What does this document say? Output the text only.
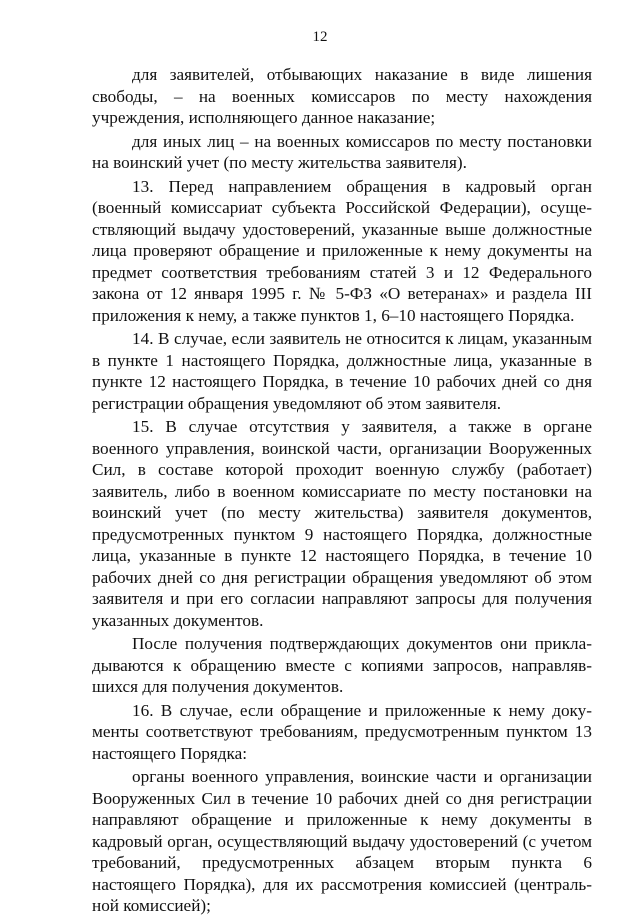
12

для заявителей, отбывающих наказание в виде лишения свободы, – на военных комиссаров по месту нахождения учреждения, исполняющего данное наказание;

для иных лиц – на военных комиссаров по месту постановки на воинский учет (по месту жительства заявителя).

13. Перед направлением обращения в кадровый орган (военный комиссариат субъекта Российской Федерации), осуществляющий выдачу удостоверений, указанные выше должностные лица проверяют обращение и приложенные к нему документы на предмет соответствия требованиям статей 3 и 12 Федерального закона от 12 января 1995 г. № 5-ФЗ «О ветеранах» и раздела III приложения к нему, а также пунктов 1, 6–10 настоящего Порядка.

14. В случае, если заявитель не относится к лицам, указанным в пункте 1 настоящего Порядка, должностные лица, указанные в пункте 12 настоящего Порядка, в течение 10 рабочих дней со дня регистрации обращения уведомляют об этом заявителя.

15. В случае отсутствия у заявителя, а также в органе военного управления, воинской части, организации Вооруженных Сил, в составе которой проходит военную службу (работает) заявитель, либо в военном комиссариате по месту постановки на воинский учет (по месту жительства) заявителя документов, предусмотренных пунктом 9 настоящего Порядка, должностные лица, указанные в пункте 12 настоящего Порядка, в течение 10 рабочих дней со дня регистрации обращения уведомляют об этом заявителя и при его согласии направляют запросы для получения указанных документов.

После получения подтверждающих документов они прикладываются к обращению вместе с копиями запросов, направлявшихся для получения документов.

16. В случае, если обращение и приложенные к нему документы соответствуют требованиям, предусмотренным пунктом 13 настоящего Порядка:

органы военного управления, воинские части и организации Вооруженных Сил в течение 10 рабочих дней со дня регистрации направляют обращение и приложенные к нему документы в кадровый орган, осуществляющий выдачу удостоверений (с учетом требований, предусмотренных абзацем вторым пункта 6 настоящего Порядка), для их рассмотрения комиссией (центральной комиссией);
